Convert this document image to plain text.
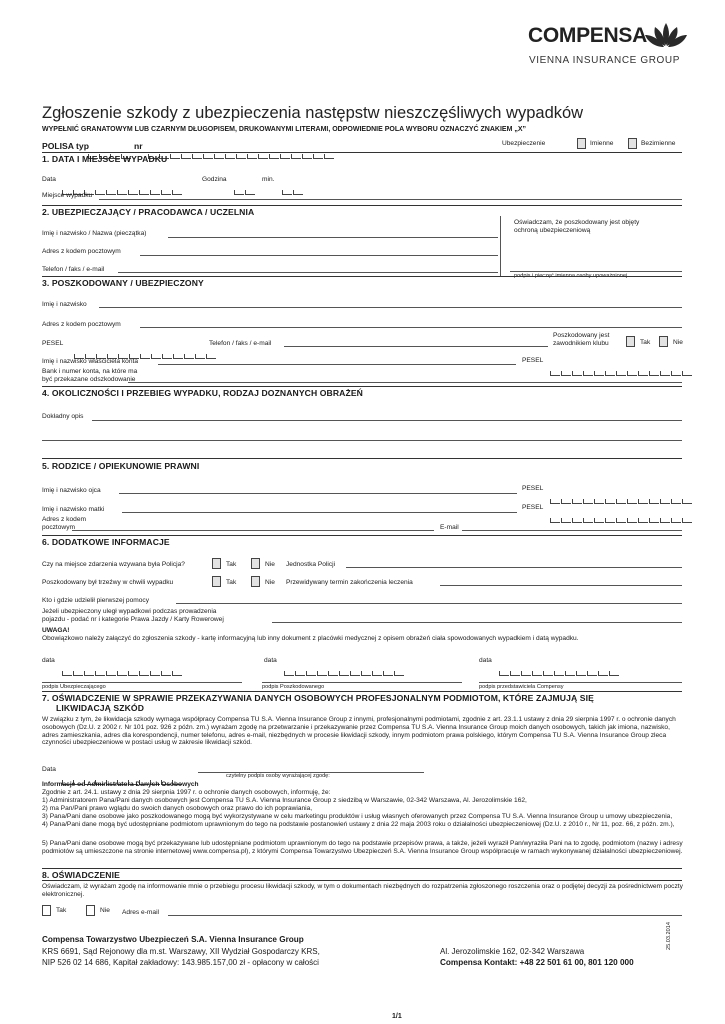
COMPENSA
VIENNA INSURANCE GROUP
Zgłoszenie szkody z ubezpieczenia następstw nieszczęśliwych wypadków
WYPEŁNIĆ GRANATOWYM LUB CZARNYM DŁUGOPISEM, DRUKOWANYMI LITERAMI, ODPOWIEDNIE POLA WYBORU OZNACZYĆ ZNAKIEM „X”
POLISA typ	nr	Ubezpieczenie	Imienne	Bezimienne
1. DATA I MIEJSCE WYPADKU
Data	Godzina	min.
Miejsce wypadku
2. UBEZPIECZAJĄCY / PRACODAWCA / UCZELNIA
Imię i nazwisko / Nazwa (pieczątka)
Adres z kodem pocztowym
Telefon / faks / e-mail
Oświadczam, że poszkodowany jest objęty
ochroną ubezpieczeniową
podpis i pieczęć imienna osoby upoważnionej
3. POSZKODOWANY / UBEZPIECZONY
Imię i nazwisko
Adres z kodem pocztowym
PESEL	Telefon / faks / e-mail
Poszkodowany jest
zawodnikiem klubu	Tak	Nie
Imię i nazwisko właściciela konta	PESEL
Bank i numer konta, na które ma
być przekazane odszkodowanie
4. OKOLICZNOŚCI I PRZEBIEG WYPADKU, RODZAJ DOZNANYCH OBRAŻEŃ
Dokładny opis
5. RODZICE / OPIEKUNOWIE PRAWNI
Imię i nazwisko ojca	PESEL
Imię i nazwisko matki	PESEL
Adres z kodem
pocztowym	E-mail
6. DODATKOWE INFORMACJE
Czy na miejsce zdarzenia wzywana była Policja?	Tak	Nie Jednostka Policji
Poszkodowany był trzeźwy w chwili wypadku	Tak	Nie Przewidywany termin zakończenia leczenia
Kto i gdzie udzielił pierwszej pomocy
Jeżeli ubezpieczony uległ wypadkowi podczas prowadzenia
pojazdu - podać nr i kategorie Prawa Jazdy / Karty Rowerowej
UWAGA!
Obowiązkowo należy załączyć do zgłoszenia szkody - kartę informacyjną lub inny dokument z placówki medycznej z opisem obrażeń ciała spowodowanych wypadkiem i datą wypadku.
data	data	data
podpis Ubezpieczającego	podpis Poszkodowanego	podpis przedstawiciela Compensy
7. OŚWIADCZENIE W SPRAWIE PRZEKAZYWANIA DANYCH OSOBOWYCH PROFESJONALNYM PODMIOTOM, KTÓRE ZAJMUJĄ SIĘ
LIKWIDACJĄ SZKÓD
W związku z tym, że likwidacja szkody wymaga współpracy Compensa TU S.A. Vienna Insurance Group z innymi, profesjonalnymi podmiotami, zgodnie z art. 23.1.1 ustawy z dnia 29 sierpnia 1997 r. o ochronie danych osobowych (Dz.U. z 2002 r. Nr 101 poz. 926 z późn. zm.) wyrażam zgodę na przetwarzanie i przekazywanie przez Compensa TU S.A. Vienna Insurance Group moich danych osobowych, takich jak imiona, nazwisko, adres zamieszkania, adres dla korespondencji, numer telefonu, adres e-mail, niezbędnych w procesie likwidacji szkody, innym podmiotom prawa polskiego, którym Compensa TU S.A. Vienna Insurance Group zleca czynności ubezpieczeniowe w postaci usług w zakresie likwidacji szkód.
Data
czytelny podpis osoby wyrażającej zgodę:
Informacje od Administratora Danych Osobowych
Zgodnie z art. 24.1. ustawy z dnia 29 sierpnia 1997 r. o ochronie danych osobowych, informuję, że:
1) Administratorem Pana/Pani danych osobowych jest Compensa TU S.A. Vienna Insurance Group z siedzibą w Warszawie, 02-342 Warszawa, Al. Jerozolimskie 162,
2) ma Pan/Pani prawo wglądu do swoich danych osobowych oraz prawo do ich poprawiania,
3) Pana/Pani dane osobowe jako poszkodowanego mogą być wykorzystywane w celu marketingu produktów i usług własnych oferowanych przez Compensa TU S.A. Vienna Insurance Group u umowy ubezpieczenia,
4) Pana/Pani dane mogą być udostępniane podmiotom uprawnionym do tego na podstawie postanowień ustawy z dnia 22 maja 2003 roku o działalności ubezpieczeniowej (Dz.U. z 2010 r., Nr 11, poz. 66, z późn. zm.),
5) Pana/Pani dane osobowe mogą być przekazywane lub udostępniane podmiotom uprawnionym do tego na podstawie przepisów prawa, a także, jeżeli wyraził Pan/wyraziła Pani na to zgodę, podmiotom (nazwy i adresy podmiotów są umieszczone na stronie internetowej www.compensa.pl), z którymi Compensa Towarzystwo Ubezpieczeń S.A. Vienna Insurance Group współpracuje w ramach wykonywanej działalności ubezpieczeniowej.
8. OŚWIADCZENIE
Oświadczam, iż wyrażam zgodę na informowanie mnie o przebiegu procesu likwidacji szkody, w tym o dokumentach niezbędnych do rozpatrzenia zgłoszonego roszczenia oraz o podjętej decyzji za pośrednictwem poczty elektronicznej.
Tak	Nie Adres e-mail
Compensa Towarzystwo Ubezpieczeń S.A. Vienna Insurance Group
KRS 6691, Sąd Rejonowy dla m.st. Warszawy, XII Wydział Gospodarczy KRS,
NIP 526 02 14 686, Kapitał zakładowy: 143.985.157,00 zł - opłacony w całości
Al. Jerozolimskie 162, 02-342 Warszawa
Compensa Kontakt: +48 22 501 61 00, 801 120 000
25.03.2014
1/1
